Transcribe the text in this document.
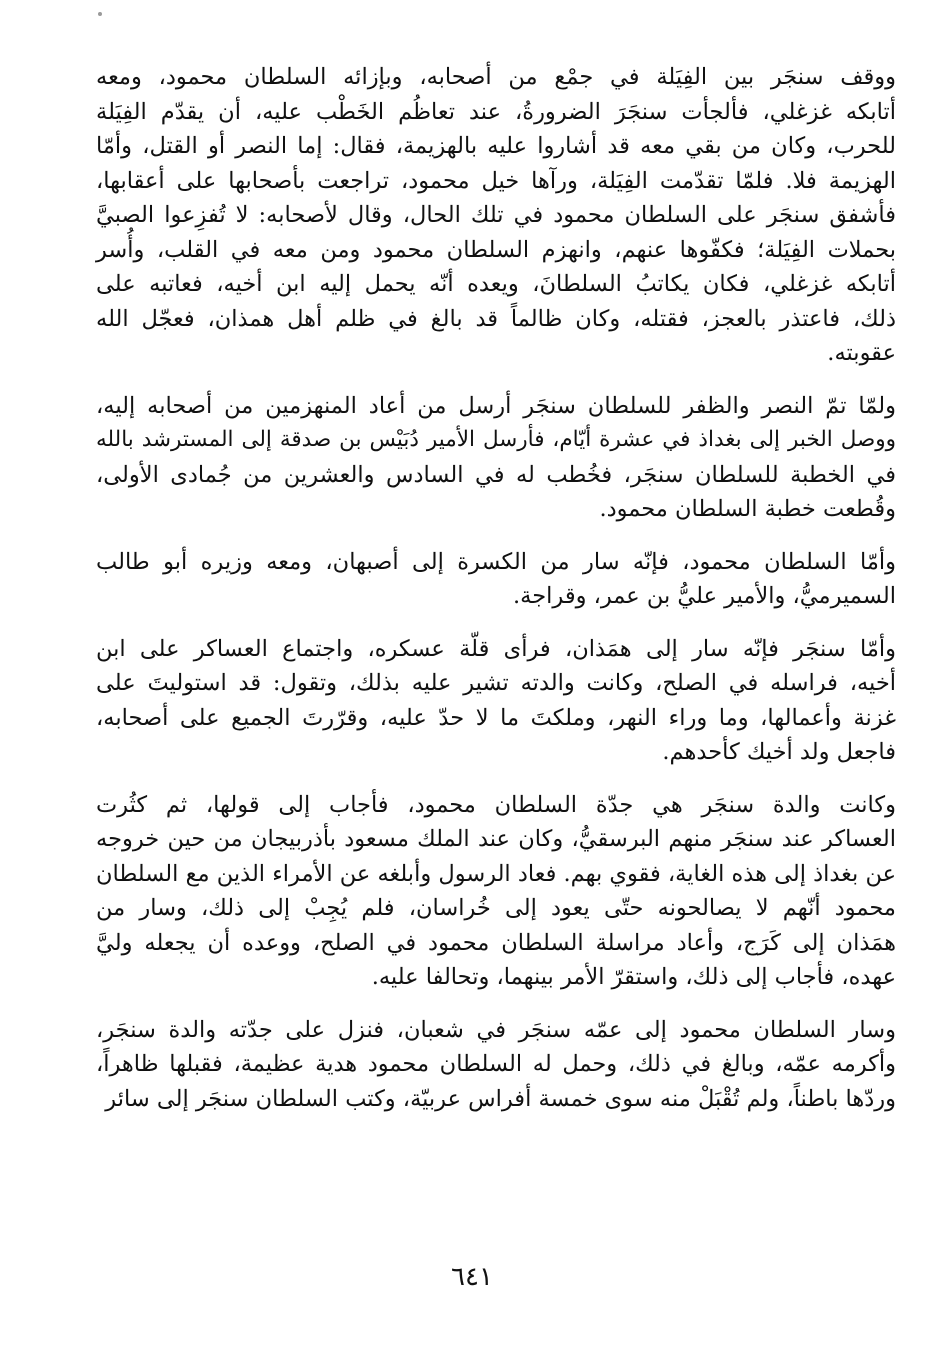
ووقف سنجَر بين الفِيَلة في جمْع من أصحابه، وبإزائه السلطان محمود، ومعه
أتابكه غزغلي، فألجأت سنجَرَ الضرورةُ، عند تعاظُم الخَطْب عليه، أن يقدّم الفِيَلة
للحرب، وكان من بقي معه قد أشاروا عليه بالهزيمة، فقال: إما النصر أو القتل، وأمّا
الهزيمة فلا. فلمّا تقدّمت الفِيَلة، ورآها خيل محمود، تراجعت بأصحابها على أعقابها،
فأشفق سنجَر على السلطان محمود في تلك الحال، وقال لأصحابه: لا تُفزِعوا الصبيَّ
بحملات الفِيَلة؛ فكفّوها عنهم، وانهزم السلطان محمود ومن معه في القلب، وأُسر
أتابكه غزغلي، فكان يكاتبُ السلطانَ، ويعده أنّه يحمل إليه ابن أخيه، فعاتبه على
ذلك، فاعتذر بالعجز، فقتله، وكان ظالماً قد بالغ في ظلم أهل همذان، فعجّل الله
عقوبته.
ولمّا تمّ النصر والظفر للسلطان سنجَر أرسل من أعاد المنهزمين من أصحابه إليه،
ووصل الخبر إلى بغداذ في عشرة أيّام، فأرسل الأمير دُبَيْس بن صدقة إلى المسترشد بالله
في الخطبة للسلطان سنجَر، فخُطب له في السادس والعشرين من جُمادى الأولى،
وقُطعت خطبة السلطان محمود.
وأمّا السلطان محمود، فإنّه سار من الكسرة إلى أصبهان، ومعه وزيره أبو طالب
السميرميُّ، والأمير عليُّ بن عمر، وقراجة.
وأمّا سنجَر فإنّه سار إلى همَذان، فرأى قلّة عسكره، واجتماع العساكر على ابن
أخيه، فراسله في الصلح، وكانت والدته تشير عليه بذلك، وتقول: قد استوليتَ على
غزنة وأعمالها، وما وراء النهر، وملكتَ ما لا حدّ عليه، وقرّرتَ الجميع على أصحابه،
فاجعل ولد أخيك كأحدهم.
وكانت والدة سنجَر هي جدّة السلطان محمود، فأجاب إلى قولها، ثم كثُرت
العساكر عند سنجَر منهم البرسقيُّ، وكان عند الملك مسعود بأذربيجان من حين خروجه
عن بغداذ إلى هذه الغاية، فقوي بهم. فعاد الرسول وأبلغه عن الأمراء الذين مع السلطان
محمود أنّهم لا يصالحونه حتّى يعود إلى خُراسان، فلم يُجِبْ إلى ذلك، وسار من
همَذان إلى كَرَج، وأعاد مراسلة السلطان محمود في الصلح، ووعده أن يجعله وليَّ
عهده، فأجاب إلى ذلك، واستقرّ الأمر بينهما، وتحالفا عليه.
وسار السلطان محمود إلى عمّه سنجَر في شعبان، فنزل على جدّته والدة سنجَر،
وأكرمه عمّه، وبالغ في ذلك، وحمل له السلطان محمود هدية عظيمة، فقبلها ظاهراً،
وردّها باطناً، ولم تُقْبَلْ منه سوى خمسة أفراس عربيّة، وكتب السلطان سنجَر إلى سائر
٦٤١
